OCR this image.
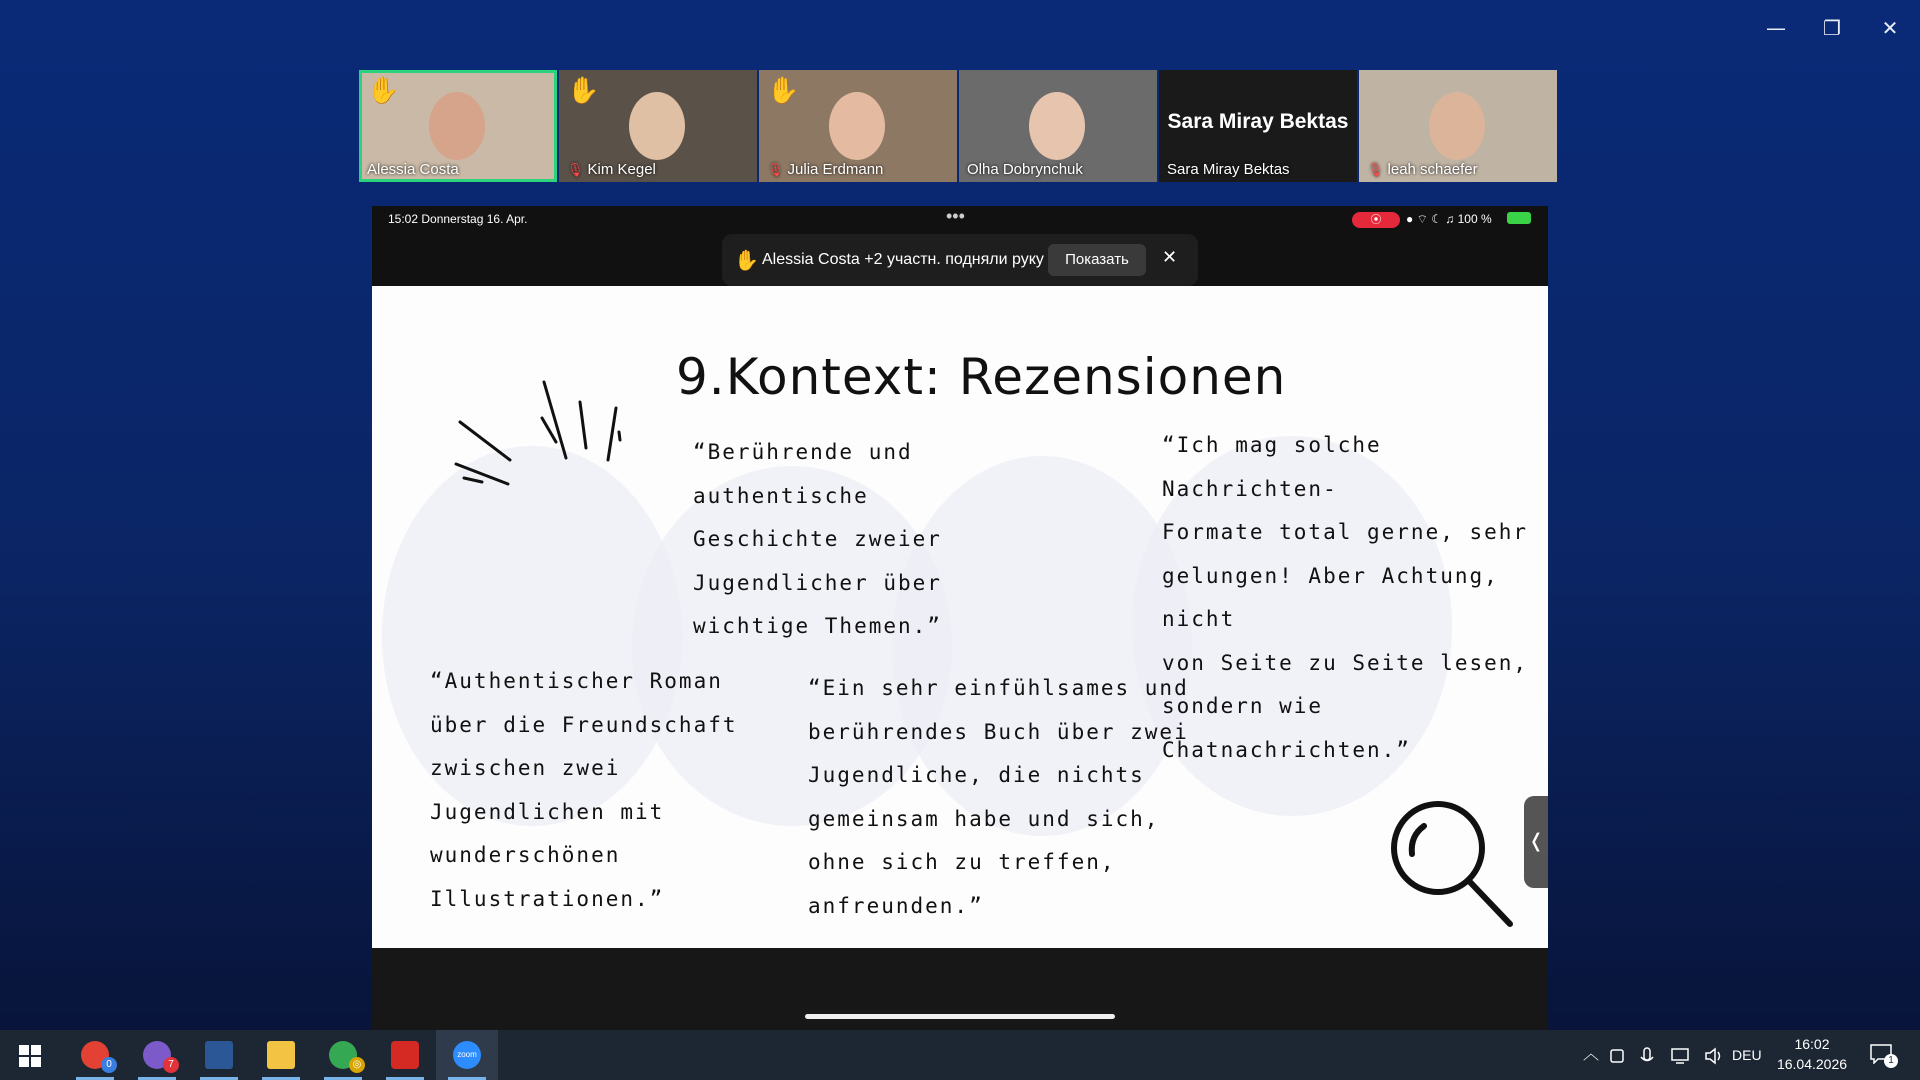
—	❐	✕
✋
Alessia Costa
✋
🎙 Kim Kegel
✋
🎙 Julia Erdmann	Olha Dobrynchuk
Sara Miray Bektas
Sara Miray Bektas	🎙 leah schaefer
15:02 Donnerstag 16. Apr.	•••	⦿	● ⌔ ☾ ♫ 100 %
✋ Alessia Costa +2 участн. подняли руку	Показать	✕
9.Kontext: Rezensionen
“Berührende und
authentische
Geschichte zweier
Jugendlicher über
wichtige Themen.”
“Ich mag solche Nachrichten-
Formate total gerne, sehr
gelungen! Aber Achtung, nicht
von Seite zu Seite lesen,
sondern wie
Chatnachrichten.”
“Authentischer Roman
über die Freundschaft
zwischen zwei
Jugendlichen mit
wunderschönen
Illustrationen.”
“Ein sehr einfühlsames und
berührendes Buch über zwei
Jugendliche, die nichts
gemeinsam habe und sich,
ohne sich zu treffen,
anfreunden.”
❬
0	7	◎
zoom	︿	DEU
16:02
16.04.2026	1
